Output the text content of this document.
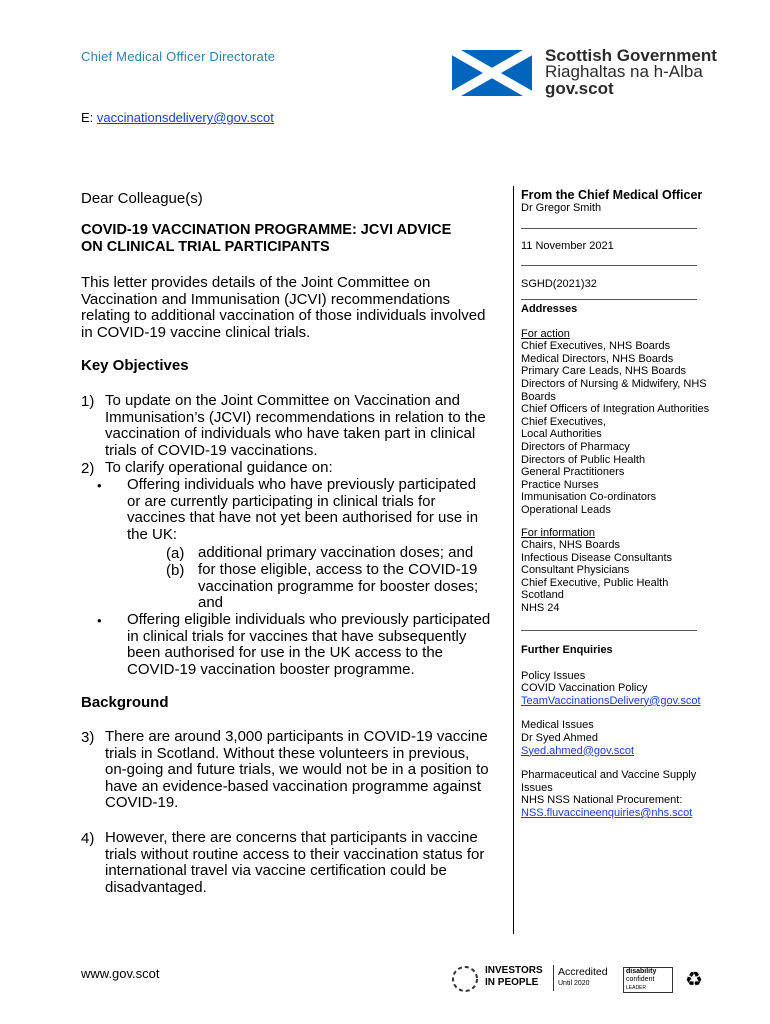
Chief Medical Officer Directorate	Scottish Government
Riaghaltas na h-Alba
gov.scot
E: vaccinationsdelivery@gov.scot
Dear Colleague(s)
COVID-19 VACCINATION PROGRAMME: JCVI ADVICE
ON CLINICAL TRIAL PARTICIPANTS
This letter provides details of the Joint Committee on
Vaccination and Immunisation (JCVI) recommendations
relating to additional vaccination of those individuals involved
in COVID-19 vaccine clinical trials.
Key Objectives
1) To update on the Joint Committee on Vaccination and
Immunisation’s (JCVI) recommendations in relation to the
vaccination of individuals who have taken part in clinical
trials of COVID-19 vaccinations.
2) To clarify operational guidance on:
• Offering individuals who have previously participated
or are currently participating in clinical trials for
vaccines that have not yet been authorised for use in
the UK:
(a) additional primary vaccination doses; and
(b) for those eligible, access to the COVID-19
vaccination programme for booster doses;
and
• Offering eligible individuals who previously participated
in clinical trials for vaccines that have subsequently
been authorised for use in the UK access to the
COVID-19 vaccination booster programme.
Background
3) There are around 3,000 participants in COVID-19 vaccine
trials in Scotland. Without these volunteers in previous,
on-going and future trials, we would not be in a position to
have an evidence-based vaccination programme against
COVID-19.
4) However, there are concerns that participants in vaccine
trials without routine access to their vaccination status for
international travel via vaccine certification could be
disadvantaged.
From the Chief Medical Officer
Dr Gregor Smith
11 November 2021
SGHD(2021)32
Addresses
For action
Chief Executives, NHS Boards
Medical Directors, NHS Boards
Primary Care Leads, NHS Boards
Directors of Nursing & Midwifery, NHS
Boards
Chief Officers of Integration Authorities
Chief Executives,
Local Authorities
Directors of Pharmacy
Directors of Public Health
General Practitioners
Practice Nurses
Immunisation Co-ordinators
Operational Leads
For information
Chairs, NHS Boards
Infectious Disease Consultants
Consultant Physicians
Chief Executive, Public Health
Scotland
NHS 24
Further Enquiries
Policy Issues
COVID Vaccination Policy
TeamVaccinationsDelivery@gov.scot
Medical Issues
Dr Syed Ahmed
Syed.ahmed@gov.scot
Pharmaceutical and Vaccine Supply
Issues
NHS NSS National Procurement:
NSS.fluvaccineenquiries@nhs.scot
www.gov.scot	INVESTORS
IN PEOPLE
Accredited
Until 2020
disability
confident
LEADER	♻
